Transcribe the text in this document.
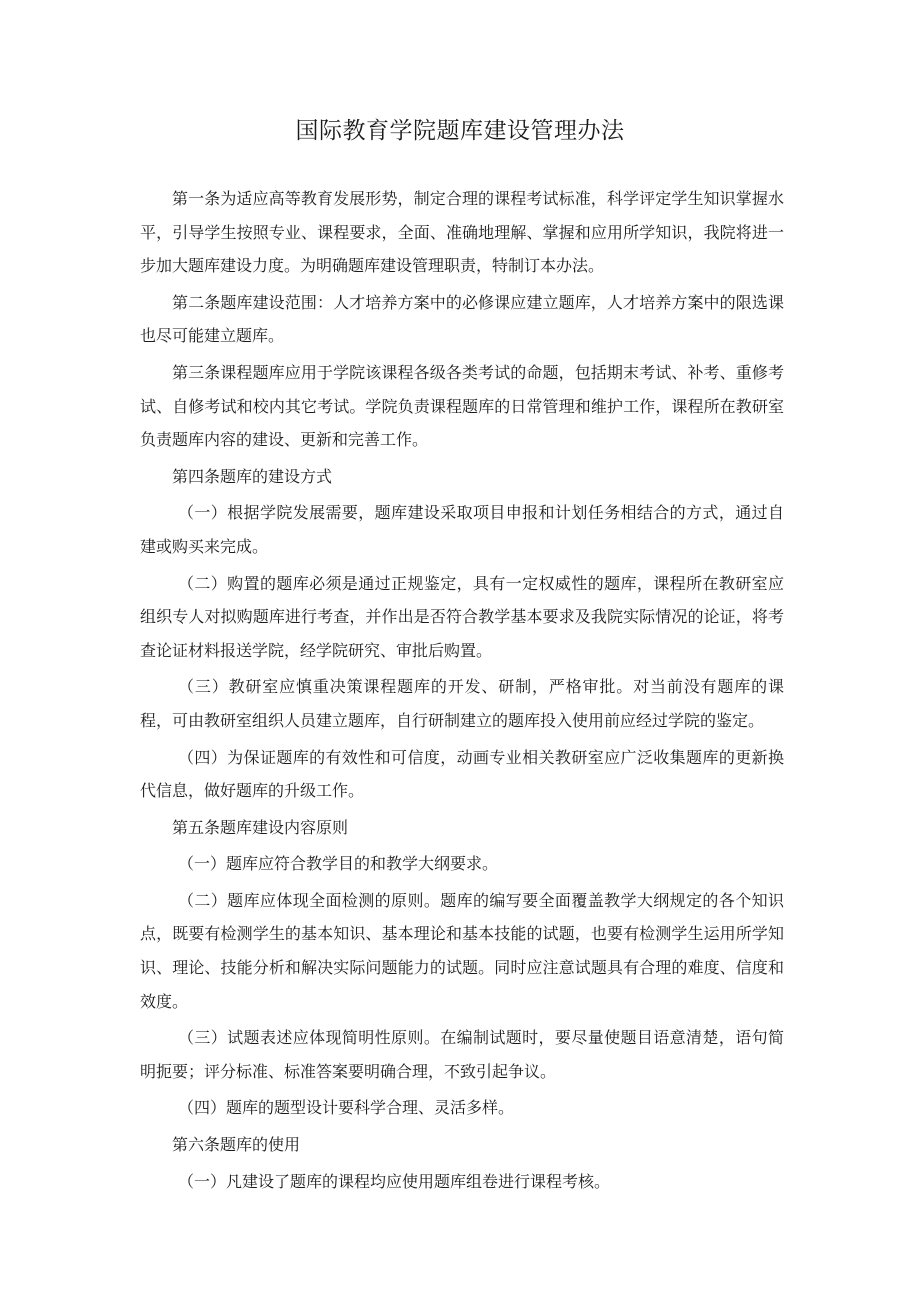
国际教育学院题库建设管理办法

第一条为适应高等教育发展形势，制定合理的课程考试标准，科学评定学生知识掌握水平，引导学生按照专业、课程要求，全面、准确地理解、掌握和应用所学知识，我院将进一步加大题库建设力度。为明确题库建设管理职责，特制订本办法。

第二条题库建设范围：人才培养方案中的必修课应建立题库，人才培养方案中的限选课也尽可能建立题库。

第三条课程题库应用于学院该课程各级各类考试的命题，包括期末考试、补考、重修考试、自修考试和校内其它考试。学院负责课程题库的日常管理和维护工作，课程所在教研室负责题库内容的建设、更新和完善工作。

第四条题库的建设方式

（一）根据学院发展需要，题库建设采取项目申报和计划任务相结合的方式，通过自建或购买来完成。

（二）购置的题库必须是通过正规鉴定，具有一定权威性的题库，课程所在教研室应组织专人对拟购题库进行考查，并作出是否符合教学基本要求及我院实际情况的论证，将考查论证材料报送学院，经学院研究、审批后购置。

（三）教研室应慎重决策课程题库的开发、研制，严格审批。对当前没有题库的课程，可由教研室组织人员建立题库，自行研制建立的题库投入使用前应经过学院的鉴定。

（四）为保证题库的有效性和可信度，动画专业相关教研室应广泛收集题库的更新换代信息，做好题库的升级工作。

第五条题库建设内容原则

（一）题库应符合教学目的和教学大纲要求。

（二）题库应体现全面检测的原则。题库的编写要全面覆盖教学大纲规定的各个知识点，既要有检测学生的基本知识、基本理论和基本技能的试题，也要有检测学生运用所学知识、理论、技能分析和解决实际问题能力的试题。同时应注意试题具有合理的难度、信度和效度。

（三）试题表述应体现简明性原则。在编制试题时，要尽量使题目语意清楚，语句简明扼要；评分标准、标准答案要明确合理，不致引起争议。

（四）题库的题型设计要科学合理、灵活多样。

第六条题库的使用

（一）凡建设了题库的课程均应使用题库组卷进行课程考核。
